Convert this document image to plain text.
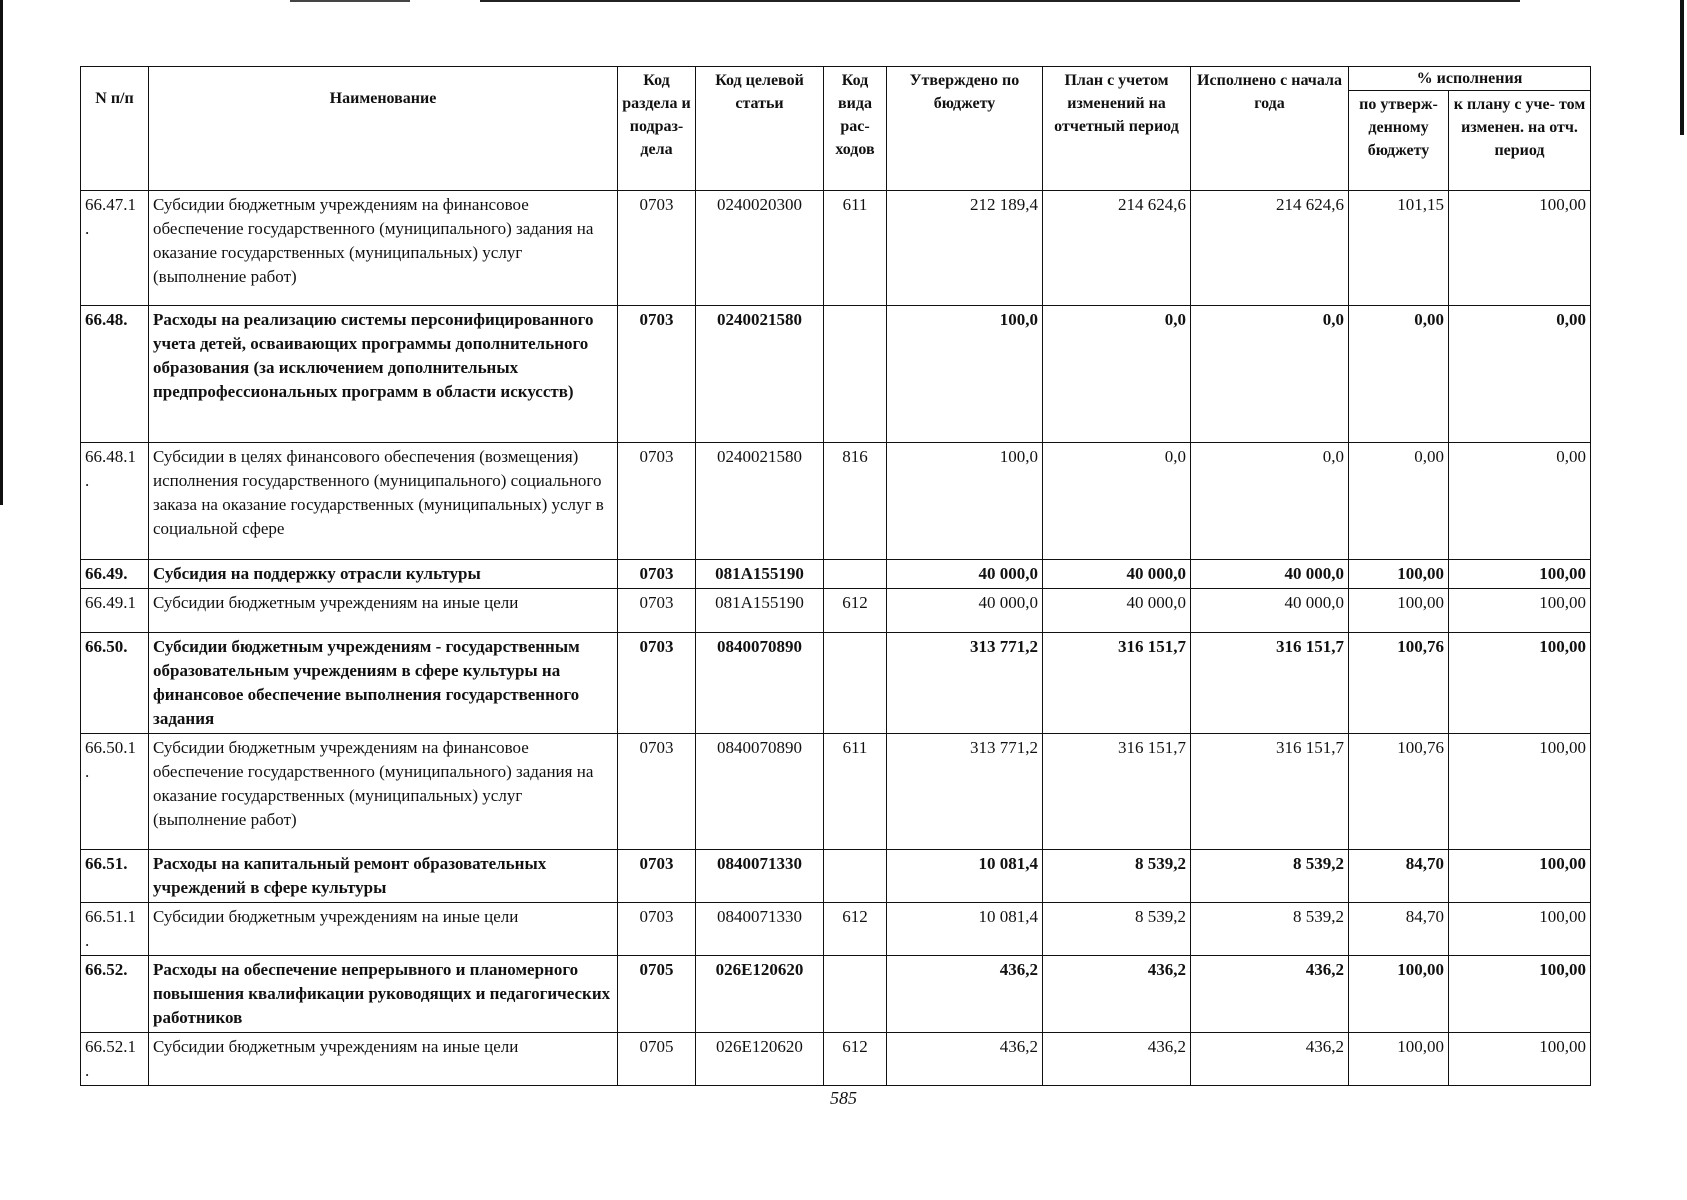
N п/п	Наименование	Код раздела и подраз- дела	Код целевой статьи	Код вида рас- ходов	Утверждено по бюджету	План с учетом изменений на отчетный период	Исполнено с начала года	% исполнения	
								по утверж- денному бюджету	к плану с уче- том изменен. на отч. период
66.47.1 .	Субсидии бюджетным учреждениям на финансовое обеспечение государственного (муниципального) задания на оказание государственных (муниципальных) услуг (выполнение работ)	0703	0240020300	611	212 189,4	214 624,6	214 624,6	101,15	100,00
66.48.	Расходы на реализацию системы персонифицированного учета детей, осваивающих программы дополнительного образования (за исключением дополнительных предпрофессиональных программ в области искусств)	0703	0240021580		100,0	0,0	0,0	0,00	0,00
66.48.1 .	Субсидии в целях финансового обеспечения (возмещения) исполнения государственного (муниципального) социального заказа на оказание государственных (муниципальных) услуг в социальной сфере	0703	0240021580	816	100,0	0,0	0,0	0,00	0,00
66.49.	Субсидия на поддержку отрасли культуры	0703	081А155190		40 000,0	40 000,0	40 000,0	100,00	100,00
66.49.1	Субсидии бюджетным учреждениям на иные цели	0703	081А155190	612	40 000,0	40 000,0	40 000,0	100,00	100,00
66.50.	Субсидии бюджетным учреждениям - государственным образовательным учреждениям в сфере культуры на финансовое обеспечение выполнения государственного задания	0703	0840070890		313 771,2	316 151,7	316 151,7	100,76	100,00
66.50.1 .	Субсидии бюджетным учреждениям на финансовое обеспечение государственного (муниципального) задания на оказание государственных (муниципальных) услуг (выполнение работ)	0703	0840070890	611	313 771,2	316 151,7	316 151,7	100,76	100,00
66.51.	Расходы на капитальный ремонт образовательных учреждений в сфере культуры	0703	0840071330		10 081,4	8 539,2	8 539,2	84,70	100,00
66.51.1 .	Субсидии бюджетным учреждениям на иные цели	0703	0840071330	612	10 081,4	8 539,2	8 539,2	84,70	100,00
66.52.	Расходы на обеспечение непрерывного и планомерного повышения квалификации руководящих и педагогических работников	0705	026Е120620		436,2	436,2	436,2	100,00	100,00
66.52.1 .	Субсидии бюджетным учреждениям на иные цели	0705	026Е120620	612	436,2	436,2	436,2	100,00	100,00
585
